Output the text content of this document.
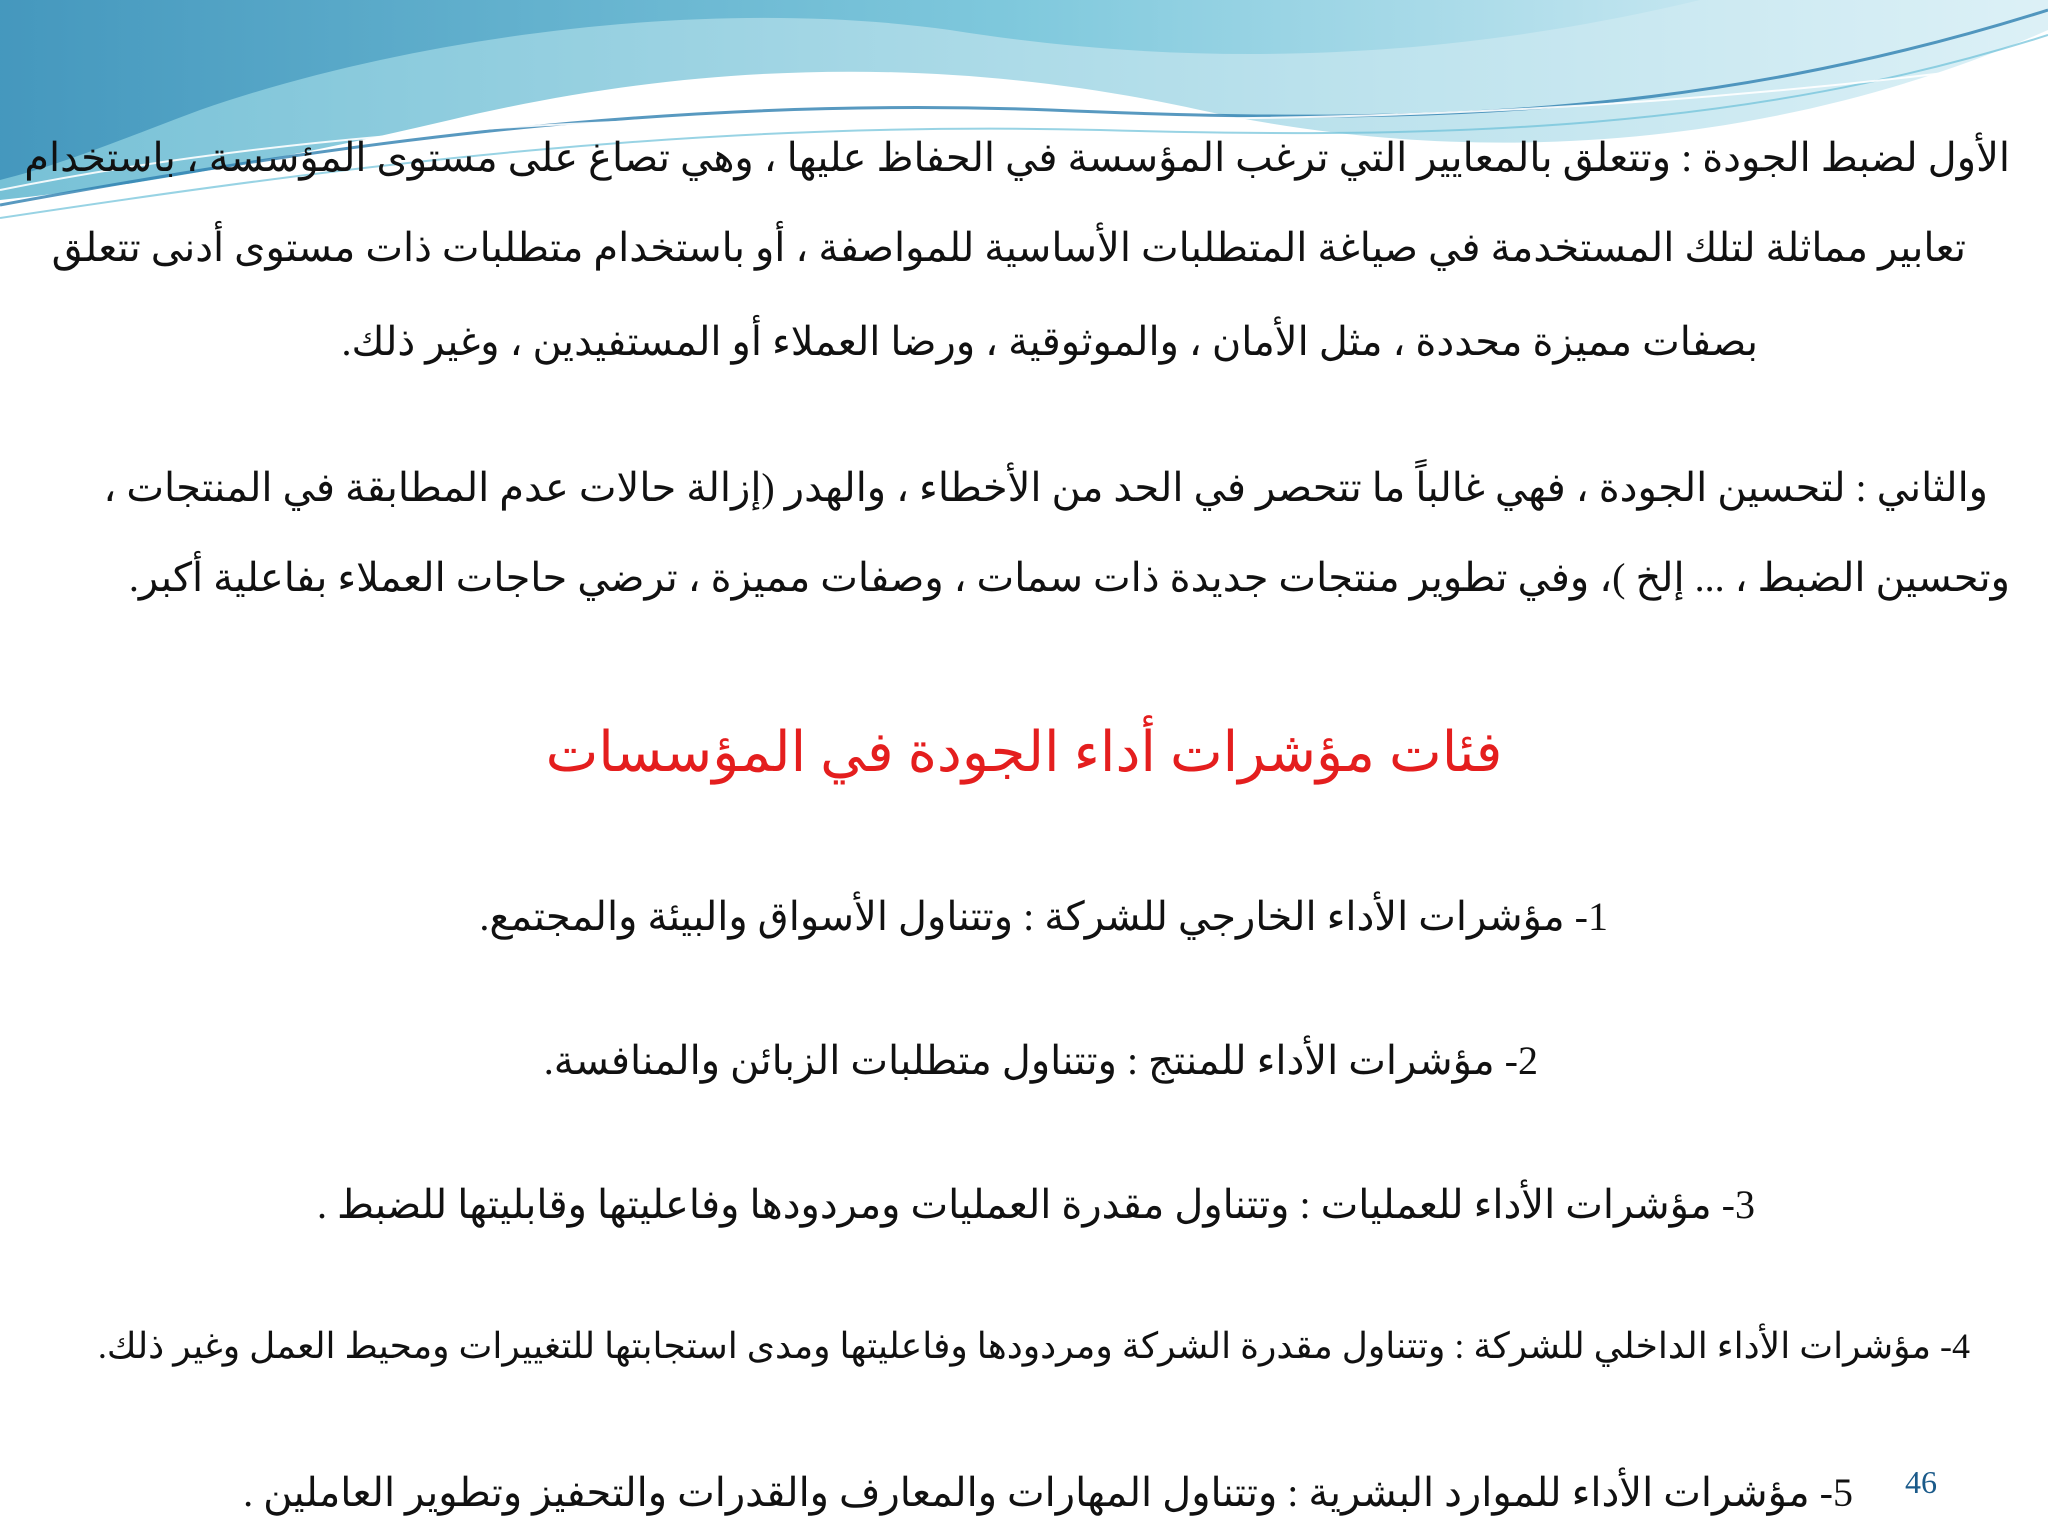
الأول لضبط الجودة : وتتعلق بالمعايير التي ترغب المؤسسة في الحفاظ عليها ، وهي تصاغ على مستوى المؤسسة ، باستخدام
تعابير مماثلة لتلك المستخدمة في صياغة المتطلبات الأساسية للمواصفة ، أو باستخدام متطلبات ذات مستوى أدنى تتعلق
بصفات مميزة محددة ، مثل الأمان ، والموثوقية ، ورضا العملاء أو المستفيدين ، وغير ذلك.
والثاني : لتحسين الجودة ، فهي غالباً ما تتحصر في الحد من الأخطاء ، والهدر (إزالة حالات عدم المطابقة في المنتجات ،
وتحسين الضبط ، ... إلخ )، وفي تطوير منتجات جديدة ذات سمات ، وصفات مميزة ، ترضي حاجات العملاء بفاعلية أكبر.
فئات مؤشرات أداء الجودة في المؤسسات
1- مؤشرات الأداء الخارجي للشركة : وتتناول الأسواق والبيئة والمجتمع.
2- مؤشرات الأداء للمنتج : وتتناول متطلبات الزبائن والمنافسة.
3- مؤشرات الأداء للعمليات : وتتناول مقدرة العمليات ومردودها وفاعليتها وقابليتها للضبط .
4- مؤشرات الأداء الداخلي للشركة : وتتناول مقدرة الشركة ومردودها وفاعليتها ومدى استجابتها للتغييرات ومحيط العمل وغير ذلك.
5- مؤشرات الأداء للموارد البشرية : وتتناول المهارات والمعارف والقدرات والتحفيز وتطوير العاملين . 46
